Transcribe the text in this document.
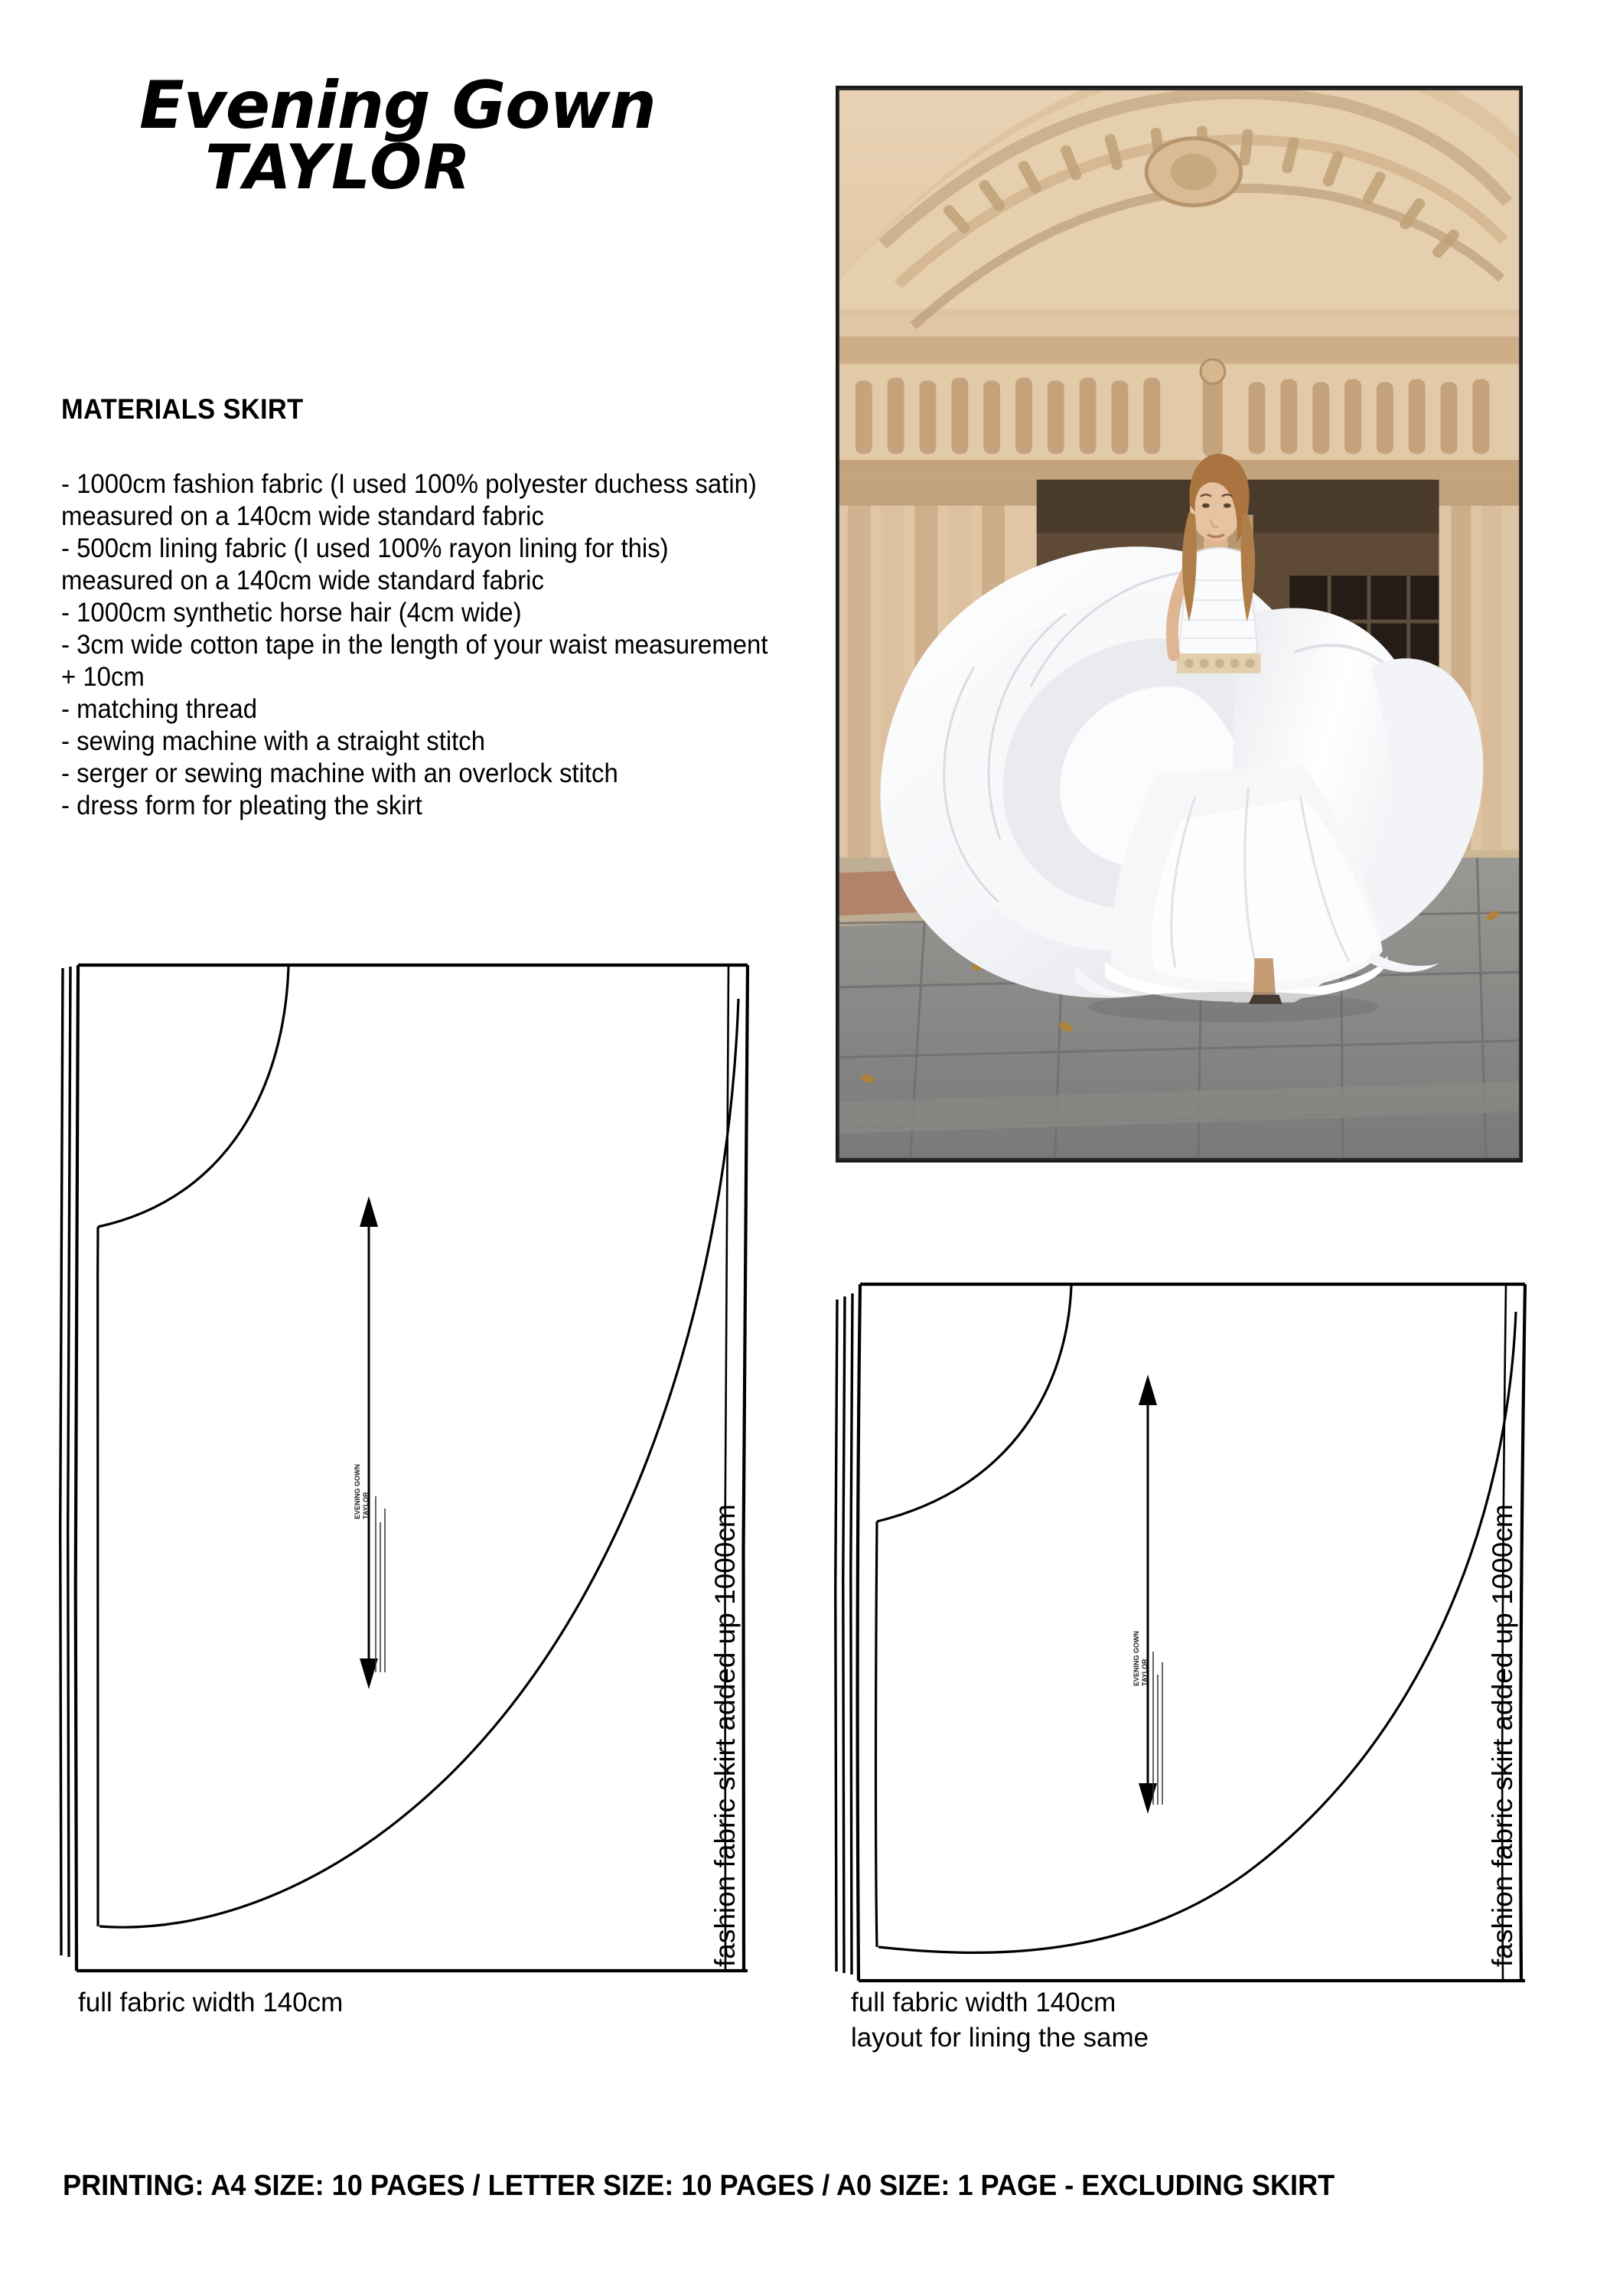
Evening Gown
TAYLOR
MATERIALS SKIRT

- 1000cm fashion fabric (I used 100% polyester duchess satin) measured on a 140cm wide standard fabric

- 500cm lining fabric (I used 100% rayon lining for this) measured on a 140cm wide standard fabric

- 1000cm synthetic horse hair (4cm wide)

- 3cm wide cotton tape in the length of your waist measurement + 10cm

- matching thread

- sewing machine with a straight stitch

- serger or sewing machine with an overlock stitch

- dress form for pleating the skirt

EVENING GOWN TAYLOR	fashion fabric skirt added up 1000cm
full fabric width 140cm
EVENING GOWN TAYLOR	fashion fabric skirt added up 1000cm
full fabric width 140cm
layout for lining the same
PRINTING: A4 SIZE: 10 PAGES / LETTER SIZE: 10 PAGES / A0 SIZE: 1 PAGE - EXCLUDING SKIRT
